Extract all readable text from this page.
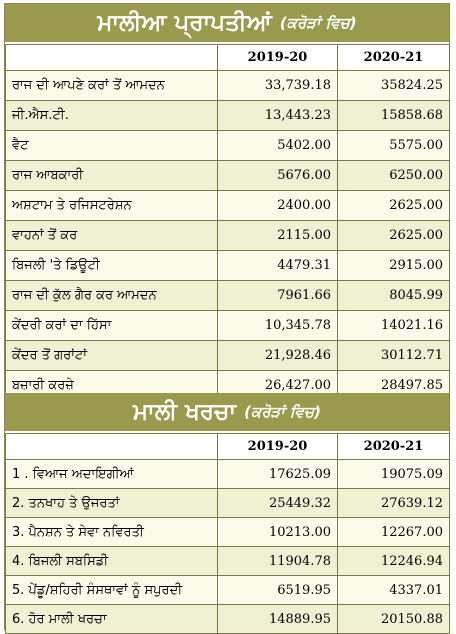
ਮਾਲੀਆ ਪ੍ਰਾਪਤੀਆਂ (ਕਰੋੜਾਂ ਵਿਚ)
	2019-20	2020-21
ਰਾਜ ਦੀ ਆਪਣੇ ਕਰਾਂ ਤੋਂ ਆਮਦਨ	33,739.18	35824.25
ਜੀ.ਐਸ.ਟੀ.	13,443.23	15858.68
ਵੈਟ	5402.00	5575.00
ਰਾਜ ਆਬਕਾਰੀ	5676.00	6250.00
ਅਸ਼ਟਾਮ ਤੇ ਰਜਿਸਟਰੇਸ਼ਨ	2400.00	2625.00
ਵਾਹਨਾਂ ਤੋਂ ਕਰ	2115.00	2625.00
ਬਿਜਲੀ 'ਤੇ ਡਿਊਟੀ	4479.31	2915.00
ਰਾਜ ਦੀ ਕੁੱਲ ਗੈਰ ਕਰ ਆਮਦਨ	7961.66	8045.99
ਕੇਂਦਰੀ ਕਰਾਂ ਦਾ ਹਿੱਸਾ	10,345.78	14021.16
ਕੇਂਦਰ ਤੋਂ ਗਰਾਂਟਾਂ	21,928.46	30112.71
ਬਜ਼ਾਰੀ ਕਰਜ਼ੇ	26,427.00	28497.85
ਮਾਲੀ ਖਰਚਾ (ਕਰੋੜਾਂ ਵਿਚ)
	2019-20	2020-21
1 . ਵਿਆਜ ਅਦਾਇਗੀਆਂ	17625.09	19075.09
2. ਤਨਖਾਹ ਤੇ ਉਜਰਤਾਂ	25449.32	27639.12
3. ਪੈਨਸ਼ਨ ਤੇ ਸੇਵਾ ਨਵਿਰਤੀ	10213.00	12267.00
4. ਬਿਜਲੀ ਸਬਸਿਡੀ	11904.78	12246.94
5. ਪੇਂਡੂ/ਸ਼ਹਿਰੀ ਸੰਸਥਾਵਾਂ ਨੂੰ ਸਪੁਰਦੀ	6519.95	4337.01
6. ਹੋਰ ਮਾਲੀ ਖਰਚਾ	14889.95	20150.88
